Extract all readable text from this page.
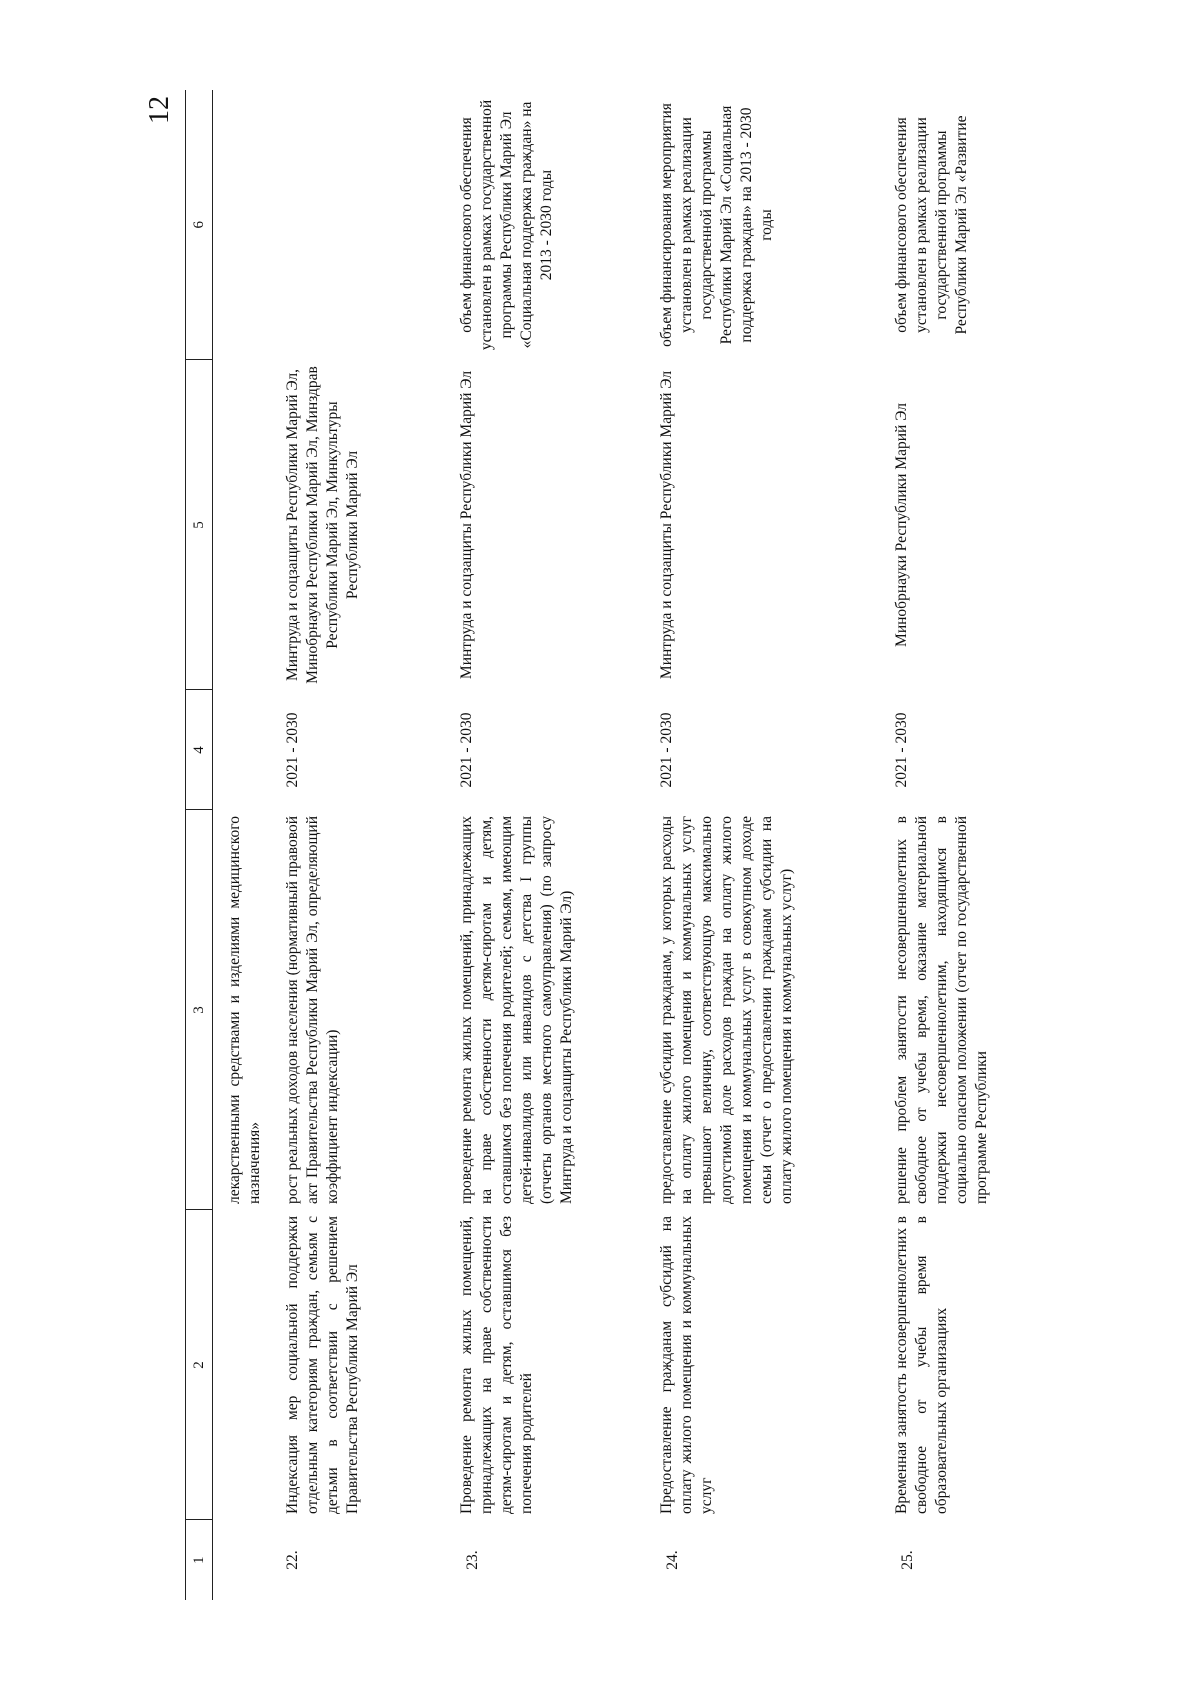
12
1	2	3	4	5	6
		лекарственными средствами и изделиями медицинского назначения»			
22.	Индексация мер социальной поддержки отдельным категориям граждан, семьям с детьми в соответствии с решением Правительства Республики Марий Эл	рост реальных доходов населения (нормативный правовой акт Правительства Республики Марий Эл, определяющий коэффициент индексации)	2021 - 2030	Минтруда и соцзащиты Республики Марий Эл, Минобрнауки Республики Марий Эл, Минздрав Республики Марий Эл, Минкультуры Республики Марий Эл	
23.	Проведение ремонта жилых помещений, принадлежащих на праве собственности детям-сиротам и детям, оставшимся без попечения родителей	проведение ремонта жилых помещений, принадлежащих на праве собственности детям-сиротам и детям, оставшимся без попечения родителей; семьям, имеющим детей-инвалидов или инвалидов с детства I группы (отчеты органов местного самоуправления) (по запросу Минтруда и соцзащиты Республики Марий Эл)	2021 - 2030	Минтруда и соцзащиты Республики Марий Эл	объем финансового обеспечения установлен в рамках государственной программы Республики Марий Эл «Социальная поддержка граждан» на 2013 - 2030 годы
24.	Предоставление гражданам субсидий на оплату жилого помещения и коммунальных услуг	предоставление субсидии гражданам, у которых расходы на оплату жилого помещения и коммунальных услуг превышают величину, соответствующую максимально допустимой доле расходов граждан на оплату жилого помещения и коммунальных услуг в совокупном доходе семьи (отчет о предоставлении гражданам субсидии на оплату жилого помещения и коммунальных услуг)	2021 - 2030	Минтруда и соцзащиты Республики Марий Эл	объем финансирования мероприятия установлен в рамках реализации государственной программы Республики Марий Эл «Социальная поддержка граждан» на 2013 - 2030 годы
25.	Временная занятость несовершеннолетних в свободное от учебы время в образовательных организациях	решение проблем занятости несовершеннолетних в свободное от учебы время, оказание материальной поддержки несовершеннолетним, находящимся в социально опасном положении (отчет по государственной программе Республики	2021 - 2030	Минобрнауки Республики Марий Эл	объем финансового обеспечения установлен в рамках реализации государственной программы Республики Марий Эл «Развитие
